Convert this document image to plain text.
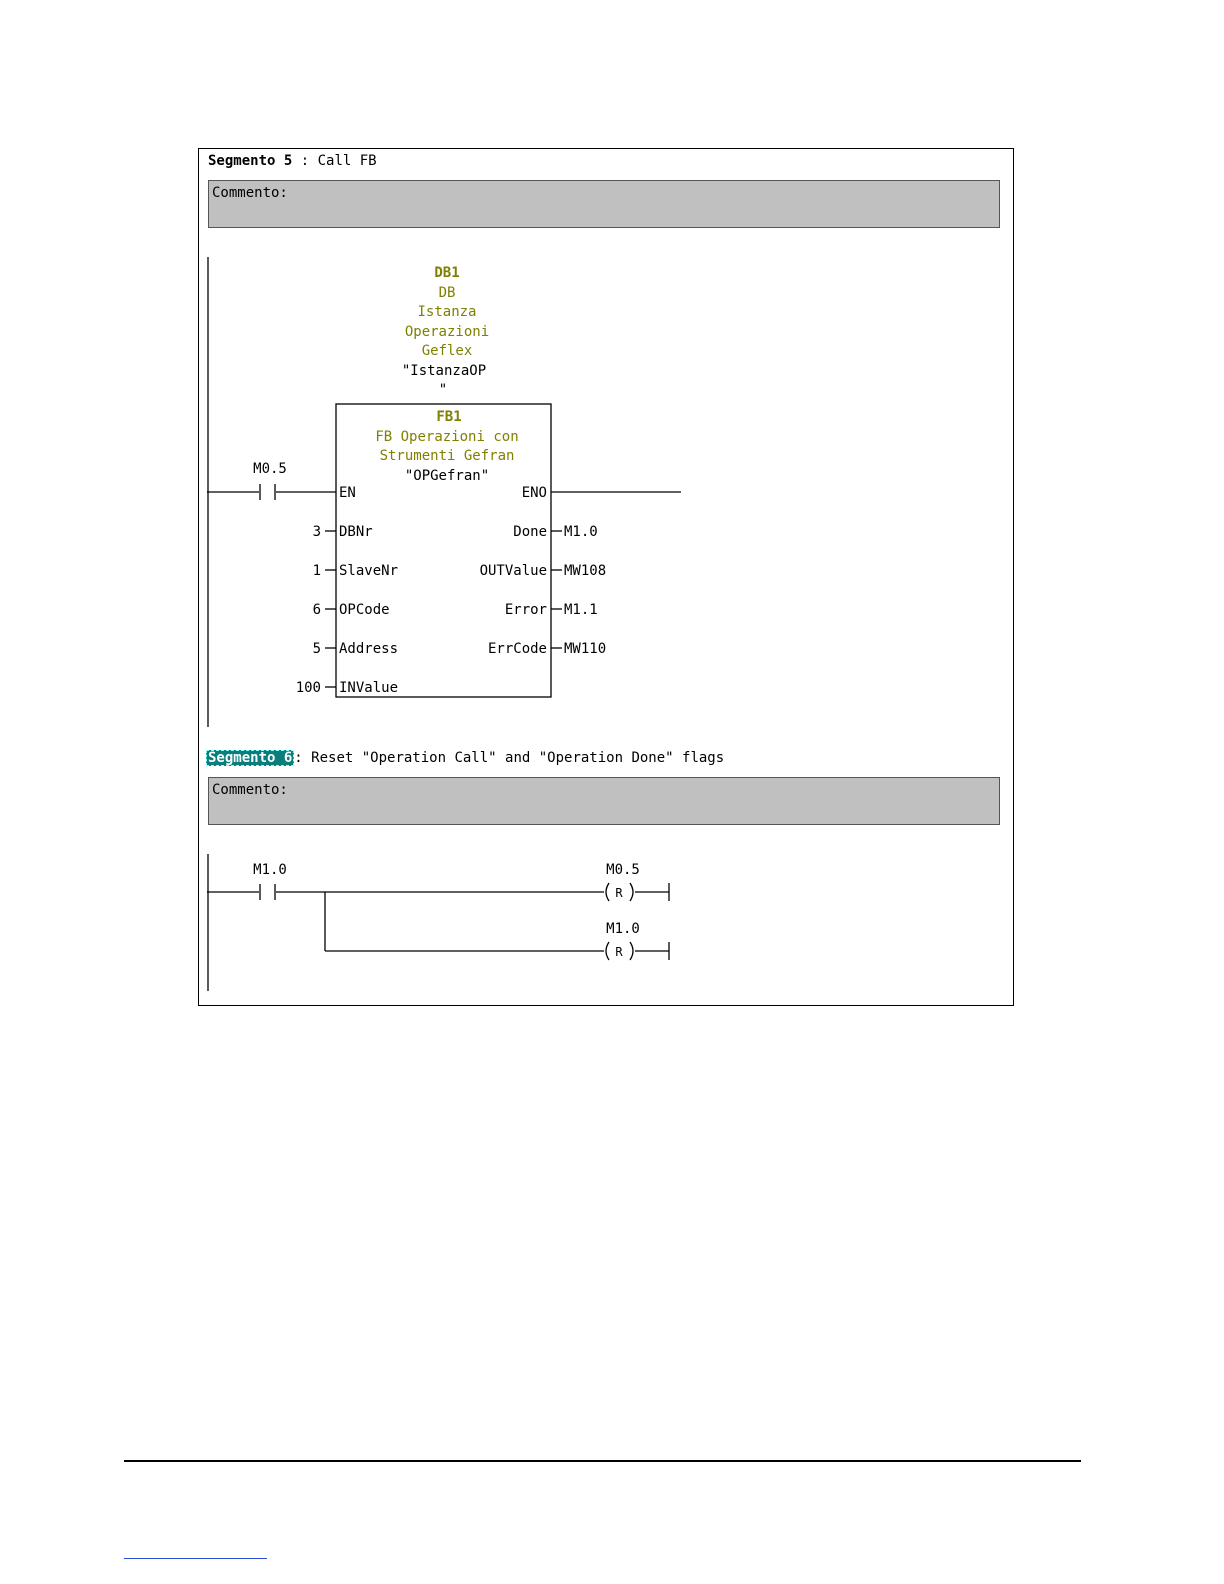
Segmento 5 : Call FB
Commento:
Segmento 6 : Reset "Operation Call" and "Operation Done" flags
Commento:
DB1
DB
Istanza
Operazioni
Geflex
"IstanzaOP
"
FB1
FB Operazioni con
Strumenti Gefran
"OPGefran"
M0.5
EN
DBNr
SlaveNr
OPCode
Address
INValue
3
1
6
5
100
ENO
Done
OUTValue
Error
ErrCode
M1.0
MW108
M1.1
MW110
M1.0	M0.5
R
M1.0
R
